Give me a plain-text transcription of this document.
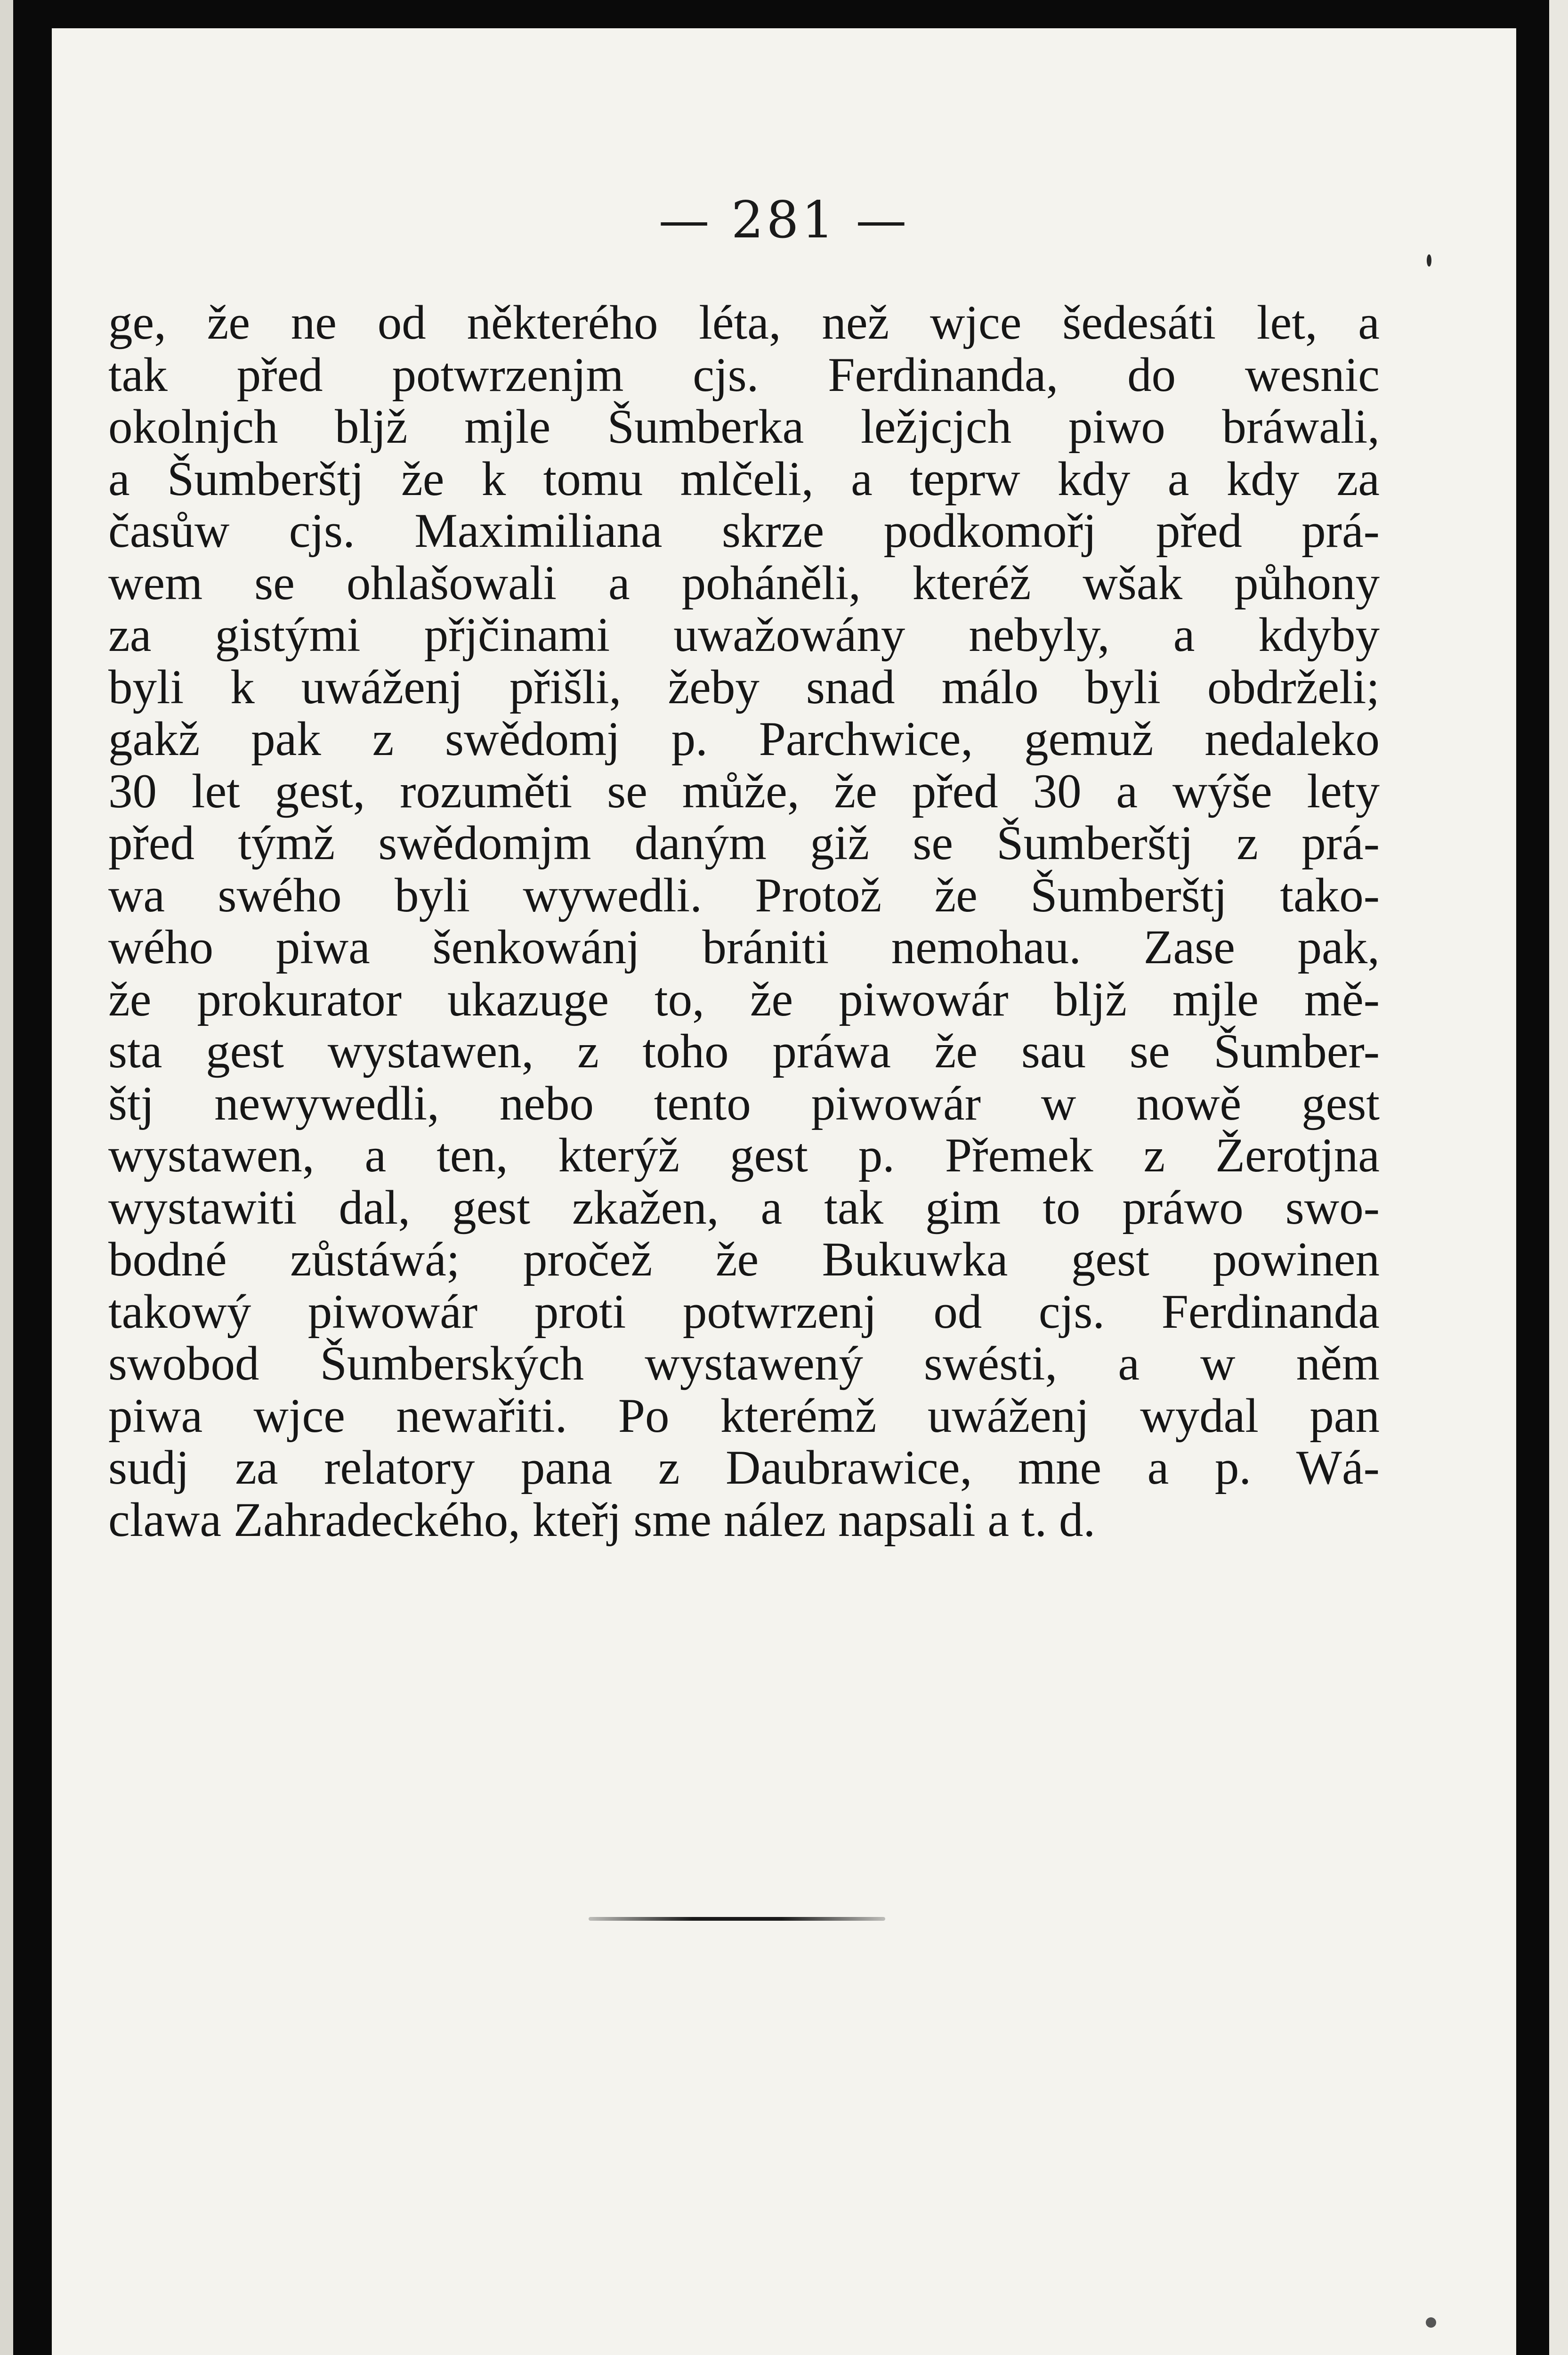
— 281 —
ge, že ne od některého léta, než wjce šedesáti let, a
tak před potwrzenjm cjs. Ferdinanda, do wesnic
okolnjch bljž mjle Šumberka ležjcjch piwo bráwali,
a Šumberštj že k tomu mlčeli, a teprw kdy a kdy za
časůw cjs. Maximiliana skrze podkomořj před prá-
wem se ohlašowali a poháněli, kteréž wšak půhony
za gistými přjčinami uwažowány nebyly, a kdyby
byli k uwáženj přišli, žeby snad málo byli obdrželi;
gakž pak z swědomj p. Parchwice, gemuž nedaleko
30 let gest, rozuměti se může, že před 30 a wýše lety
před týmž swědomjm daným giž se Šumberštj z prá-
wa swého byli wywedli. Protož že Šumberštj tako-
wého piwa šenkowánj brániti nemohau. Zase pak,
že prokurator ukazuge to, že piwowár bljž mjle mě-
sta gest wystawen, z toho práwa že sau se Šumber-
štj newywedli, nebo tento piwowár w nowě gest
wystawen, a ten, kterýž gest p. Přemek z Žerotjna
wystawiti dal, gest zkažen, a tak gim to práwo swo-
bodné zůstáwá; pročež že Bukuwka gest powinen
takowý piwowár proti potwrzenj od cjs. Ferdinanda
swobod Šumberských wystawený swésti, a w něm
piwa wjce newařiti. Po kterémž uwáženj wydal pan
sudj za relatory pana z Daubrawice, mne a p. Wá-
clawa Zahradeckého, kteřj sme nález napsali a t. d.
